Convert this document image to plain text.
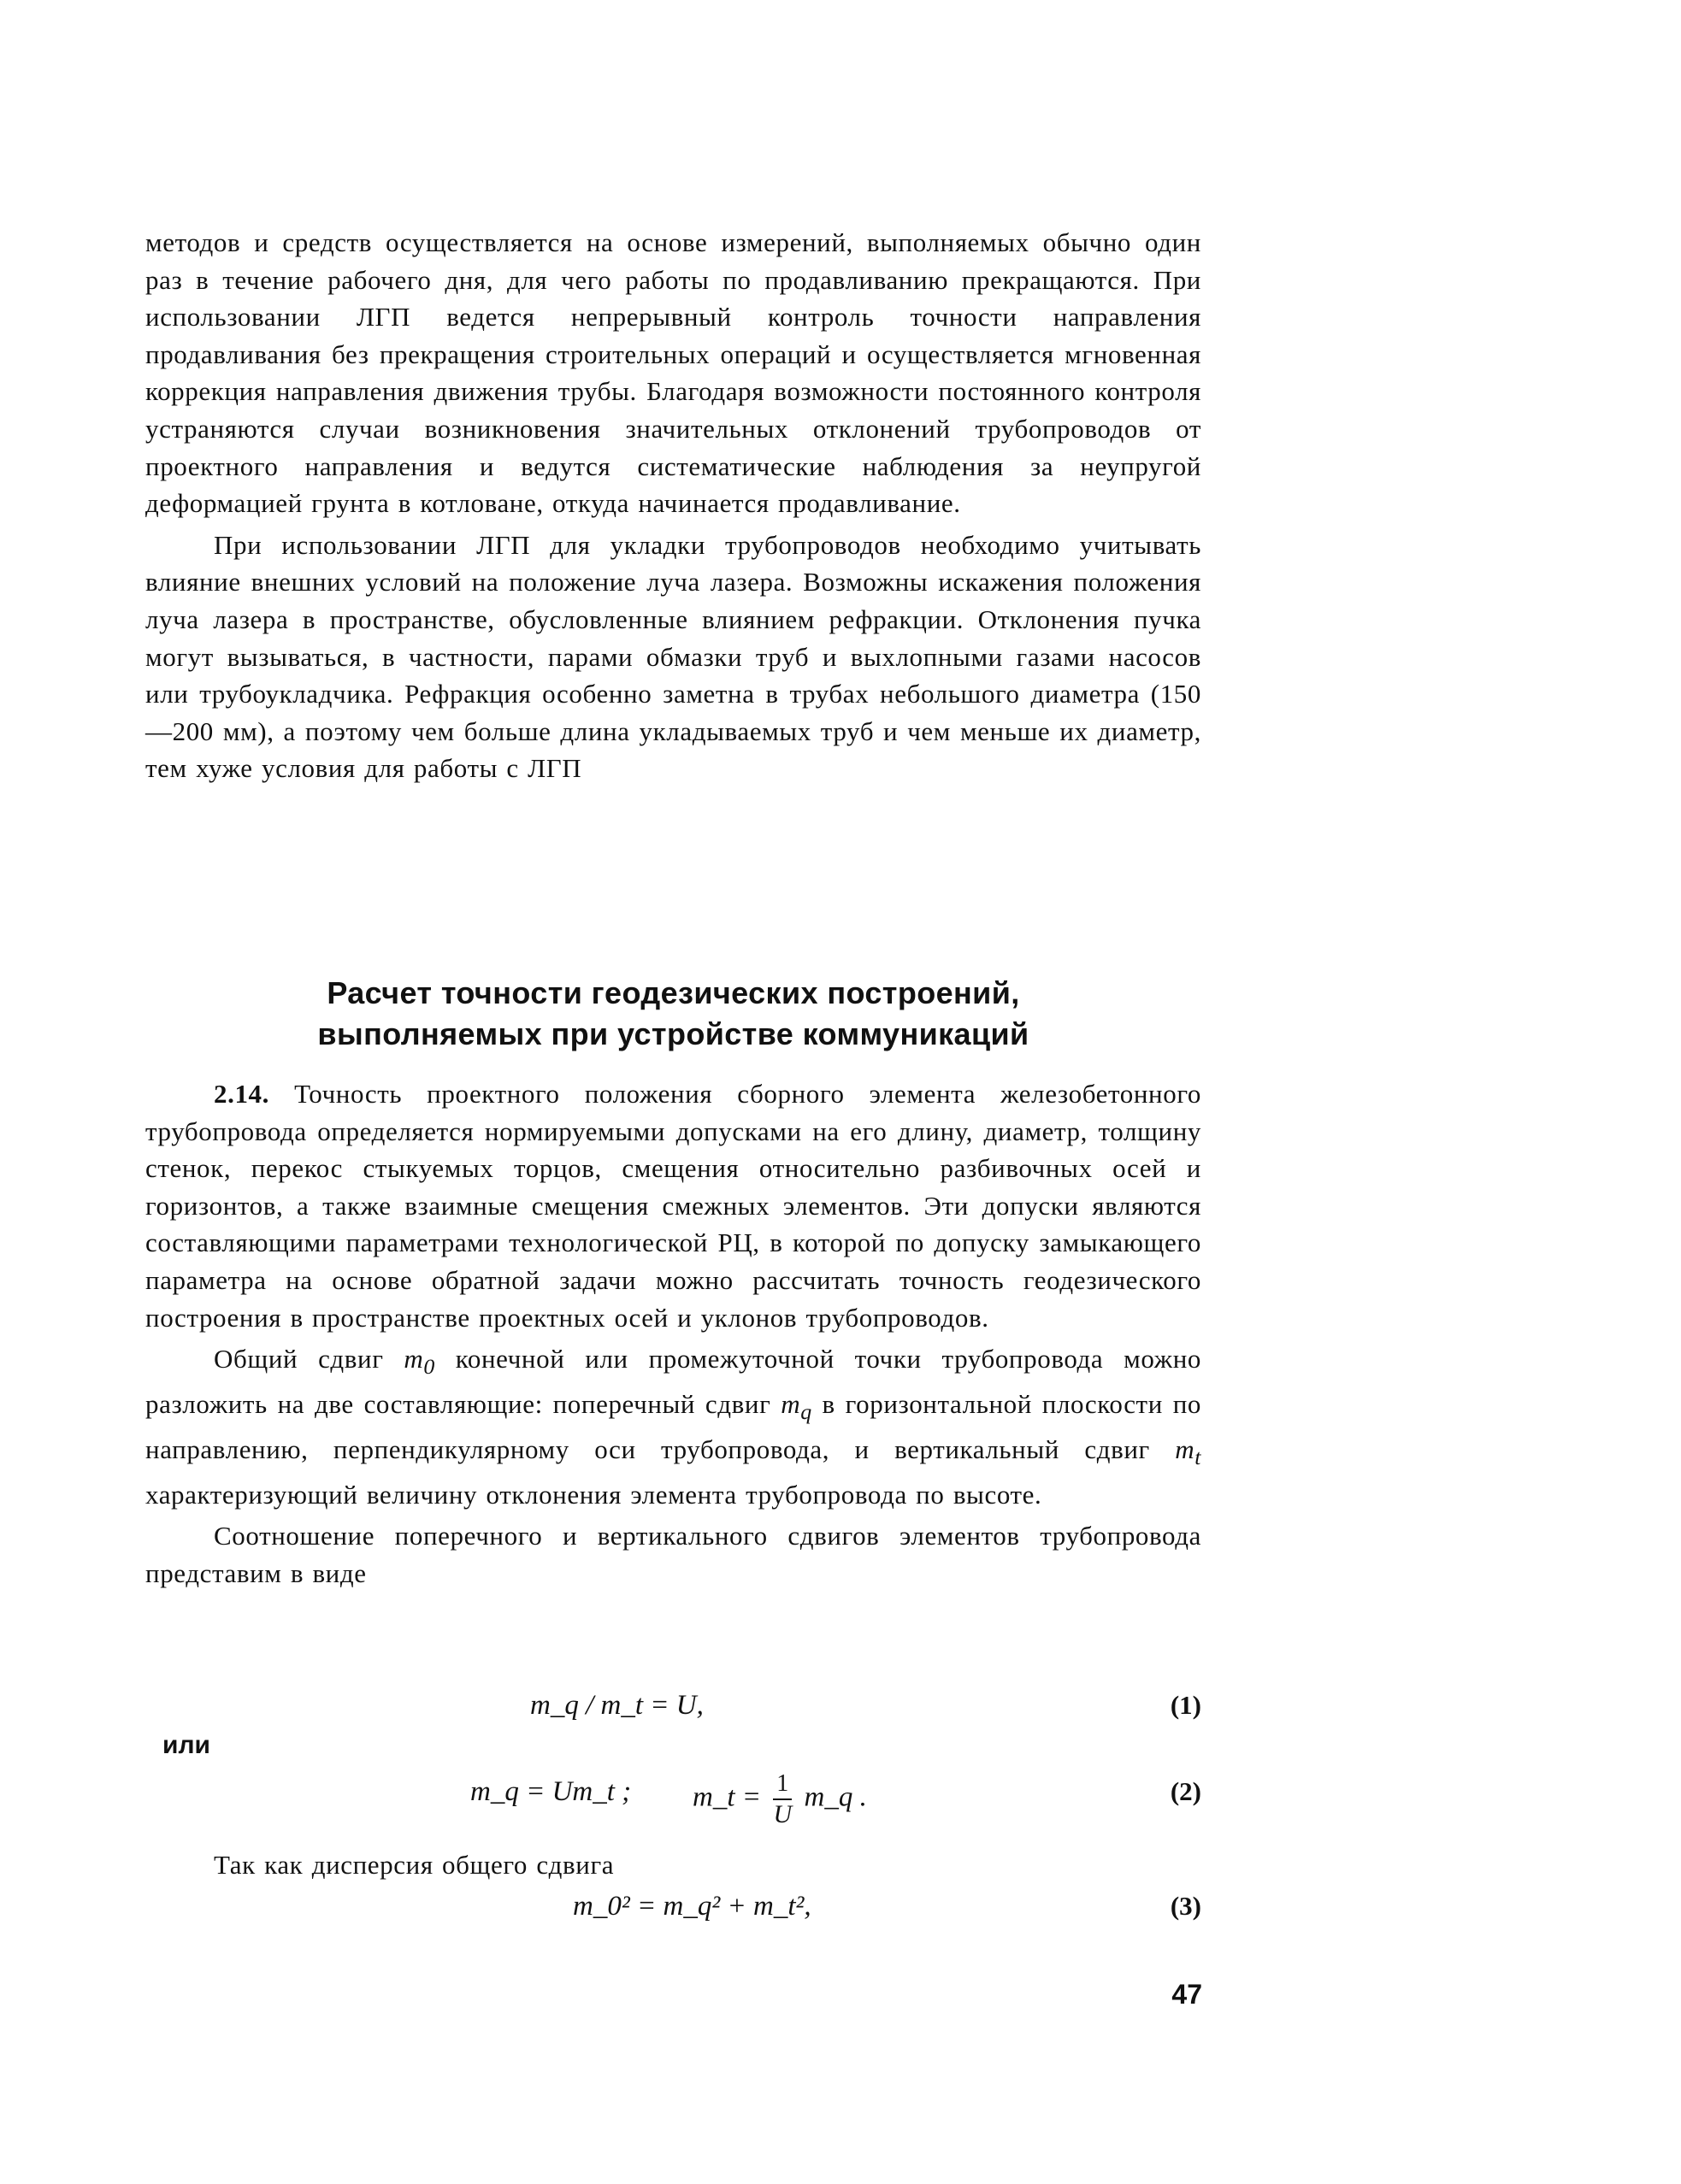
методов и средств осуществляется на основе измерений, выполняемых обычно один раз в течение рабочего дня, для чего работы по продавливанию прекращаются. При использовании ЛГП ведется непрерывный контроль точности направления продавливания без прекращения строительных операций и осуществляется мгновенная коррекция направления движения трубы. Благодаря возможности постоянного контроля устраняются случаи возникновения значительных отклонений трубопроводов от проектного направления и ведутся систематические наблюдения за неупругой деформацией грунта в котловане, откуда начинается продавливание.

При использовании ЛГП для укладки трубопроводов необходимо учитывать влияние внешних условий на положение луча лазера. Возможны искажения положения луча лазера в пространстве, обусловленные влиянием рефракции. Отклонения пучка могут вызываться, в частности, парами обмазки труб и выхлопными газами насосов или трубоукладчика. Рефракция особенно заметна в трубах небольшого диаметра (150—200 мм), а поэтому чем больше длина укладываемых труб и чем меньше их диаметр, тем хуже условия для работы с ЛГП

Расчет точности геодезических построений,
выполняемых при устройстве коммуникаций

2.14. Точность проектного положения сборного элемента железобетонного трубопровода определяется нормируемыми допусками на его длину, диаметр, толщину стенок, перекос стыкуемых торцов, смещения относительно разбивочных осей и горизонтов, а также взаимные смещения смежных элементов. Эти допуски являются составляющими параметрами технологической РЦ, в которой по допуску замыкающего параметра на основе обратной задачи можно рассчитать точность геодезического построения в пространстве проектных осей и уклонов трубопроводов.

Общий сдвиг $m_0$ конечной или промежуточной точки трубопровода можно разложить на две составляющие: поперечный сдвиг $m_q$ в горизонтальной плоскости по направлению, перпендикулярному оси трубопровода, и вертикальный сдвиг $m_t$ характеризующий величину отклонения элемента трубопровода по высоте.

Соотношение поперечного и вертикального сдвигов элементов трубопровода представим в виде

m_q / m_t = U,	(1)
или
m_q = Um_t ; m_t = $\frac{1}{U}$ m_q .	(2)

Так как дисперсия общего сдвига

m_0² = m_q² + m_t²,	(3)
47
